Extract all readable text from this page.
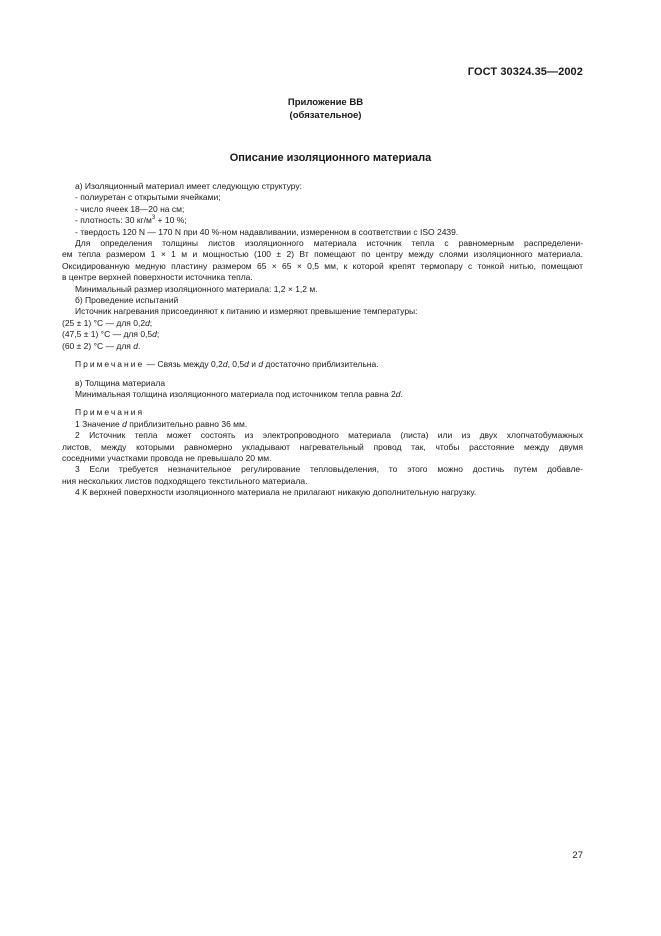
ГОСТ 30324.35—2002
Приложение ВВ
(обязательное)
Описание изоляционного материала

а) Изоляционный материал имеет следующую структуру:

- полиуретан с открытыми ячейками;

- число ячеек 18—20 на см;

- плотность: 30 $кг/м^3 + 10$ %;

- твердость 120 N — 170 N при 40 %-ном надавливании, измеренном в соответствии с ISO 2439.

Для определения толщины листов изоляционного материала источник тепла с равномерным распределени-

ем тепла размером 1 × 1 м и мощностью (100 ± 2) Вт помещают по центру между слоями изоляционного материала.

Оксидированную медную пластину размером 65 × 65 × 0,5 мм, к которой крепят термопару с тонкой нитью, помещают

в центре верхней поверхности источника тепла.

Минимальный размер изоляционного материала: 1,2 × 1,2 м.

б) Проведение испытаний

Источник нагревания присоединяют к питанию и измеряют превышение температуры:

(25 ± 1) °С — для 0,2d;

(47,5 ± 1) °С — для 0,5d;

(60 ± 2) °С — для d.

Примечание — Связь между 0,2d, 0,5d и d достаточно приблизительна.

в) Толщина материала

Минимальная толщина изоляционного материала под источником тепла равна 2d.

Примечания

1 Значение d приблизительно равно 36 мм.

2 Источник тепла может состоять из электропроводного материала (листа) или из двух хлопчатобумажных

листов, между которыми равномерно укладывают нагревательный провод так, чтобы расстояние между двумя

соседними участками провода не превышало 20 мм.

3 Если требуется незначительное регулирование тепловыделения, то этого можно достичь путем добавле-

ния нескольких листов подходящего текстильного материала.

4 К верхней поверхности изоляционного материала не прилагают никакую дополнительную нагрузку.

27
